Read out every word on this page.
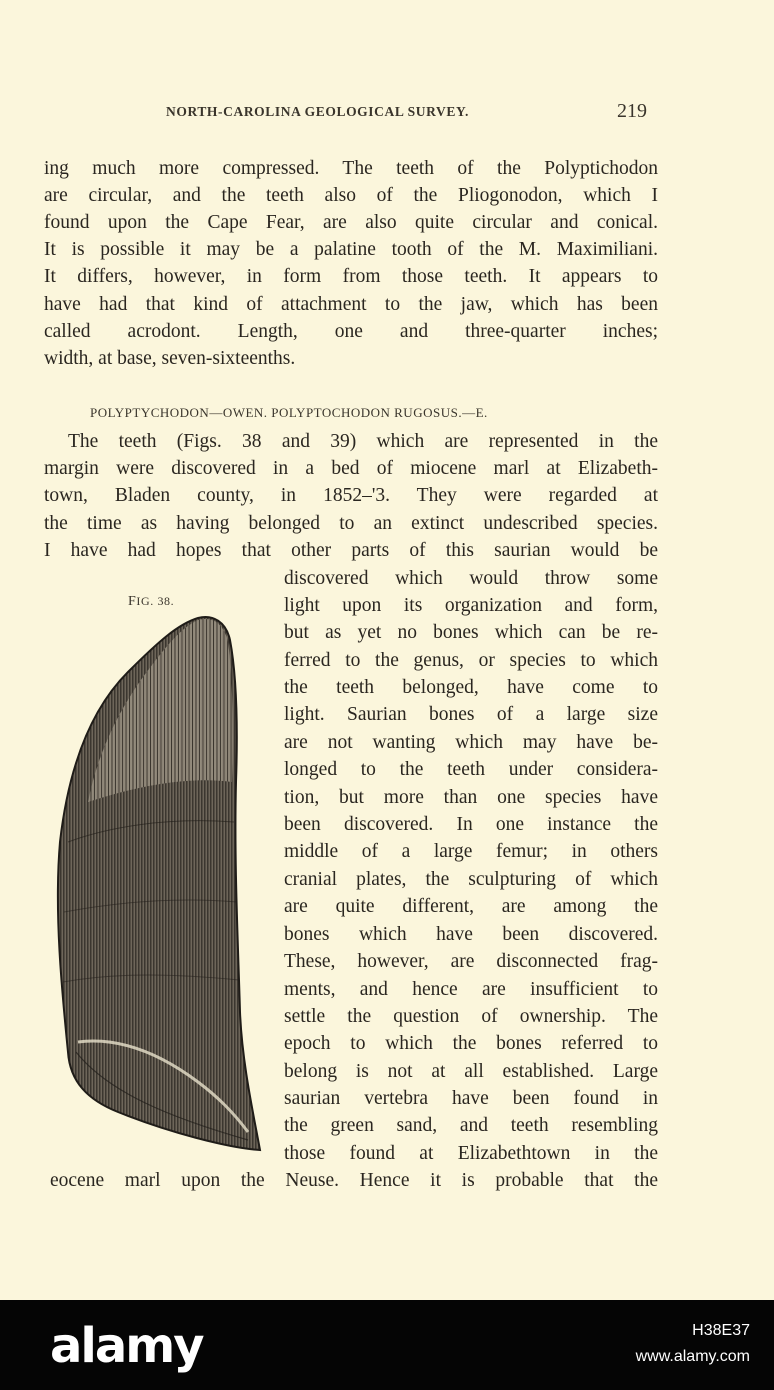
NORTH-CAROLINA GEOLOGICAL SURVEY.	219
ing much more compressed. The teeth of the Polyptichodon
are circular, and the teeth also of the Pliogonodon, which I
found upon the Cape Fear, are also quite circular and conical.
It is possible it may be a palatine tooth of the M. Maximiliani.
It differs, however, in form from those teeth. It appears to
have had that kind of attachment to the jaw, which has been
called acrodont. Length, one and three-quarter inches;
width, at base, seven-sixteenths.
POLYPTYCHODON—OWEN. POLYPTOCHODON RUGOSUS.—E.
The teeth (Figs. 38 and 39) which are represented in the
margin were discovered in a bed of miocene marl at Elizabeth-
town, Bladen county, in 1852–'3. They were regarded at
the time as having belonged to an extinct undescribed species.
I have had hopes that other parts of this saurian would be
FIG. 38.
discovered which would throw some
light upon its organization and form,
but as yet no bones which can be re-
ferred to the genus, or species to which
the teeth belonged, have come to
light. Saurian bones of a large size
are not wanting which may have be-
longed to the teeth under considera-
tion, but more than one species have
been discovered. In one instance the
middle of a large femur; in others
cranial plates, the sculpturing of which
are quite different, are among the
bones which have been discovered.
These, however, are disconnected frag-
ments, and hence are insufficient to
settle the question of ownership. The
epoch to which the bones referred to
belong is not at all established. Large
saurian vertebra have been found in
the green sand, and teeth resembling
those found at Elizabethtown in the
eocene marl upon the Neuse. Hence it is probable that the
alamy	H38E37
www.alamy.com
